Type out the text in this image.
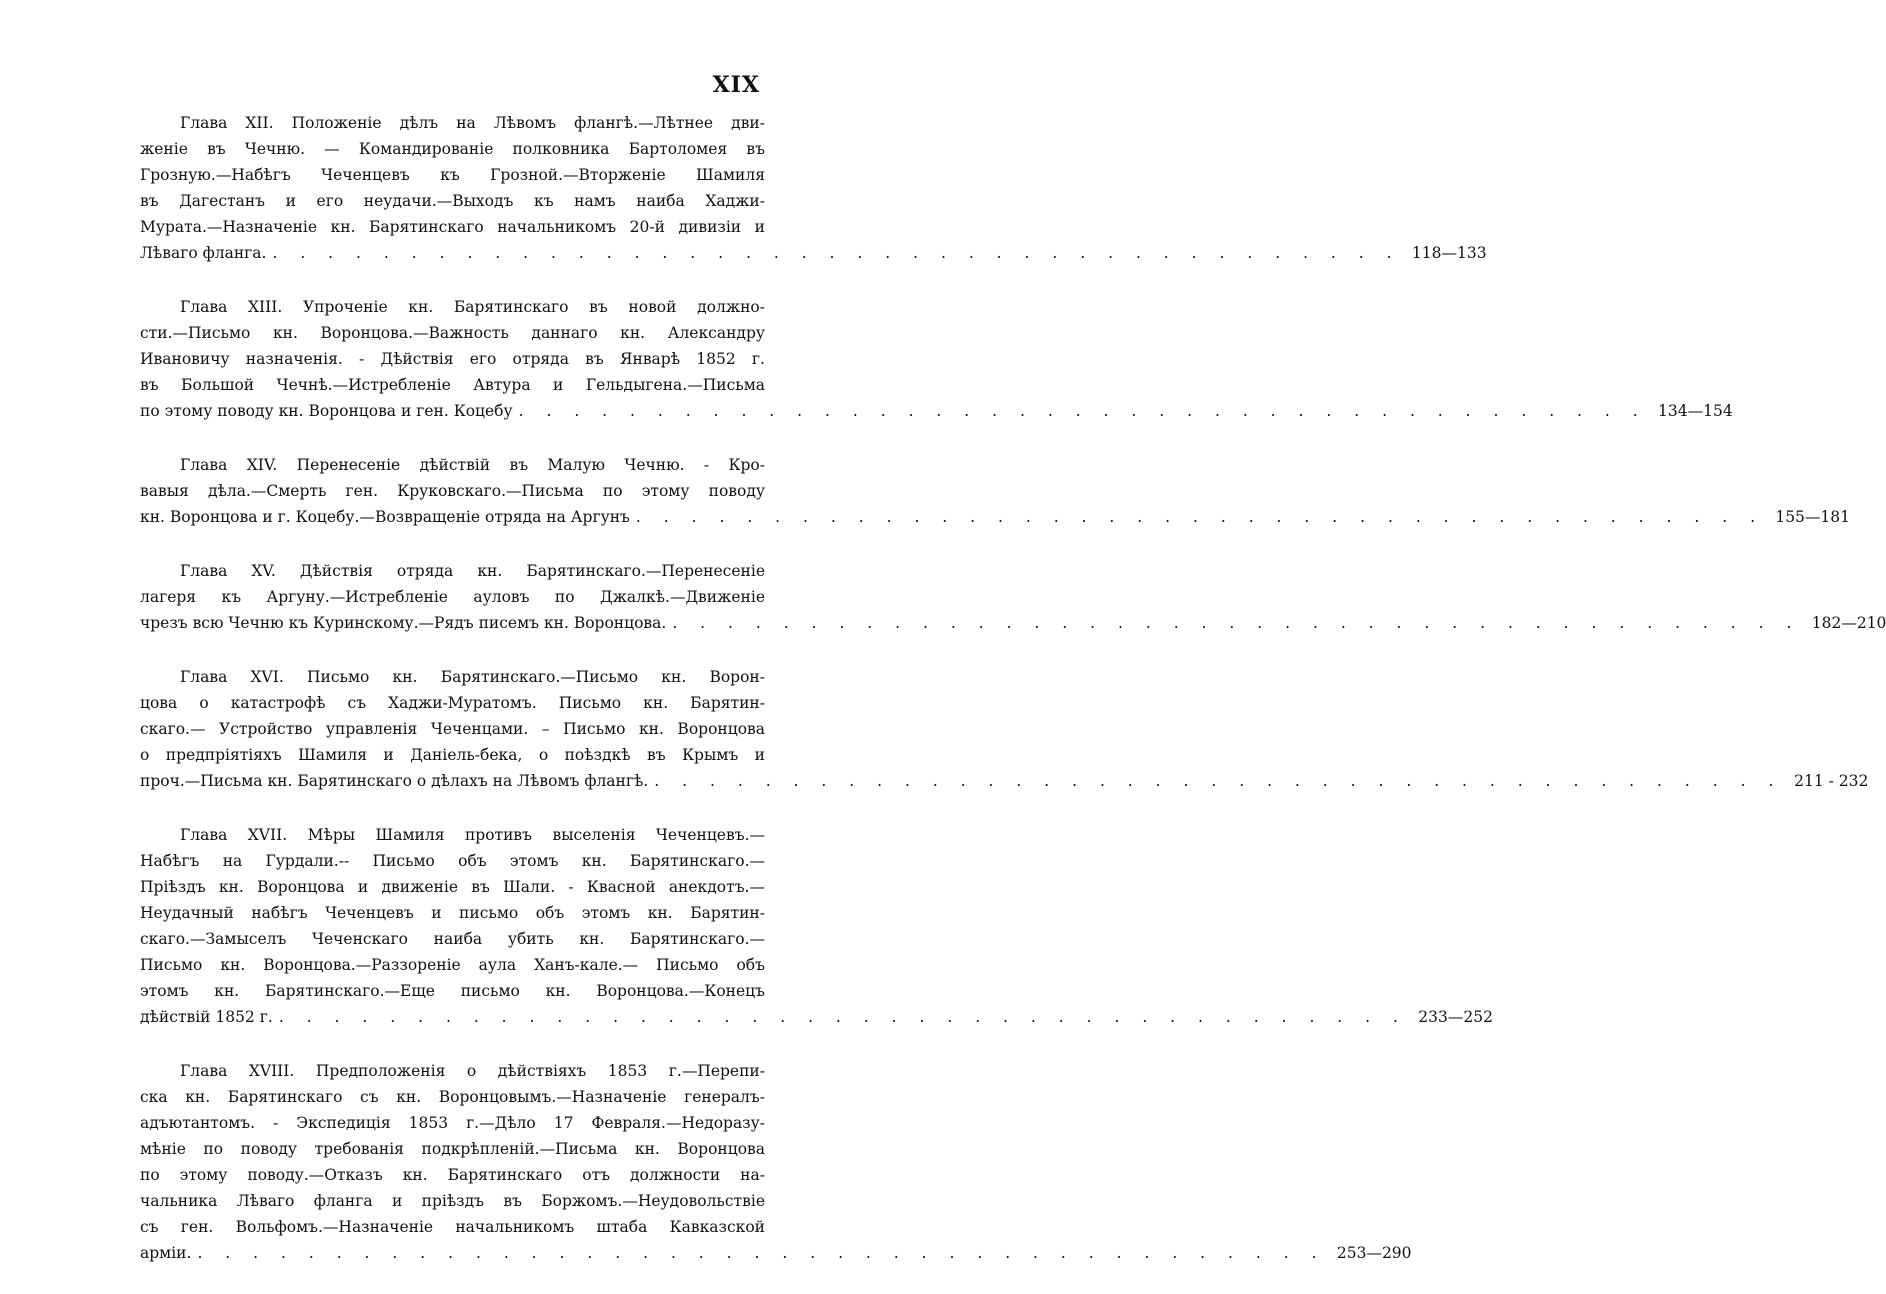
XIX
Глава XII. Положеніе дѣлъ на Лѣвомъ флангѣ.—Лѣтнее дви-
женіе въ Чечню. — Командированіе полковника Бартоломея въ
Грозную.—Набѣгъ Чеченцевъ къ Грозной.—Вторженіе Шамиля
въ Дагестанъ и его неудачи.—Выходъ къ намъ наиба Хаджи-
Мурата.—Назначеніе кн. Барятинскаго начальникомъ 20-й дивизіи и
Лѣваго фланга. . . . . . . . . . . . . . . . . . . . . . . . . . . . . . . . . . . . . . . . . . 118—133
Глава XIII. Упроченіе кн. Барятинскаго въ новой должно-
сти.—Письмо кн. Воронцова.—Важность даннаго кн. Александру
Ивановичу назначенія. - Дѣйствія его отряда въ Январѣ 1852 г.
въ Большой Чечнѣ.—Истребленіе Автура и Гельдыгена.—Письма
по этому поводу кн. Воронцова и ген. Коцебу . . . . . . . . . . . . . . . . . . . . . . . . . . . . . . . . . . . . . . . . . 134—154
Глава XIV. Перенесеніе дѣйствій въ Малую Чечню. - Кро-
вавыя дѣла.—Смерть ген. Круковскаго.—Письма по этому поводу
кн. Воронцова и г. Коцебу.—Возвращеніе отряда на Аргунъ . . . . . . . . . . . . . . . . . . . . . . . . . . . . . . . . . . . . . . . . . 155—181
Глава XV. Дѣйствія отряда кн. Барятинскаго.—Перенесеніе
лагеря къ Аргуну.—Истребленіе ауловъ по Джалкѣ.—Движеніе
чрезъ всю Чечню къ Куринскому.—Рядъ писемъ кн. Воронцова. . . . . . . . . . . . . . . . . . . . . . . . . . . . . . . . . . . . . . . . . . 182—210
Глава XVI. Письмо кн. Барятинскаго.—Письмо кн. Ворон-
цова о катастрофѣ съ Хаджи-Муратомъ. Письмо кн. Барятин-
скаго.— Устройство управленія Чеченцами. – Письмо кн. Воронцова
о предпріятіяхъ Шамиля и Даніель-бека, о поѣздкѣ въ Крымъ и
проч.—Письма кн. Барятинскаго о дѣлахъ на Лѣвомъ флангѣ. . . . . . . . . . . . . . . . . . . . . . . . . . . . . . . . . . . . . . . . . . 211 - 232
Глава XVII. Мѣры Шамиля противъ выселенія Чеченцевъ.—
Набѣгъ на Гурдали.-- Письмо объ этомъ кн. Барятинскаго.—
Пріѣздъ кн. Воронцова и движеніе въ Шали. - Квасной анекдотъ.—
Неудачный набѣгъ Чеченцевъ и письмо объ этомъ кн. Барятин-
скаго.—Замыселъ Чеченскаго наиба убить кн. Барятинскаго.—
Письмо кн. Воронцова.—Раззореніе аула Ханъ-кале.— Письмо объ
этомъ кн. Барятинскаго.—Еще письмо кн. Воронцова.—Конецъ
дѣйствій 1852 г. . . . . . . . . . . . . . . . . . . . . . . . . . . . . . . . . . . . . . . . . . 233—252
Глава XVIII. Предположенія о дѣйствіяхъ 1853 г.—Перепи-
ска кн. Барятинскаго съ кн. Воронцовымъ.—Назначеніе генералъ-
адъютантомъ. - Экспедиція 1853 г.—Дѣло 17 Февраля.—Недоразу-
мѣніе по поводу требованія подкрѣпленій.—Письма кн. Воронцова
по этому поводу.—Отказъ кн. Барятинскаго отъ должности на-
чальника Лѣваго фланга и пріѣздъ въ Боржомъ.—Неудовольствіе
съ ген. Вольфомъ.—Назначеніе начальникомъ штаба Кавказской
арміи. . . . . . . . . . . . . . . . . . . . . . . . . . . . . . . . . . . . . . . . . . 253—290
